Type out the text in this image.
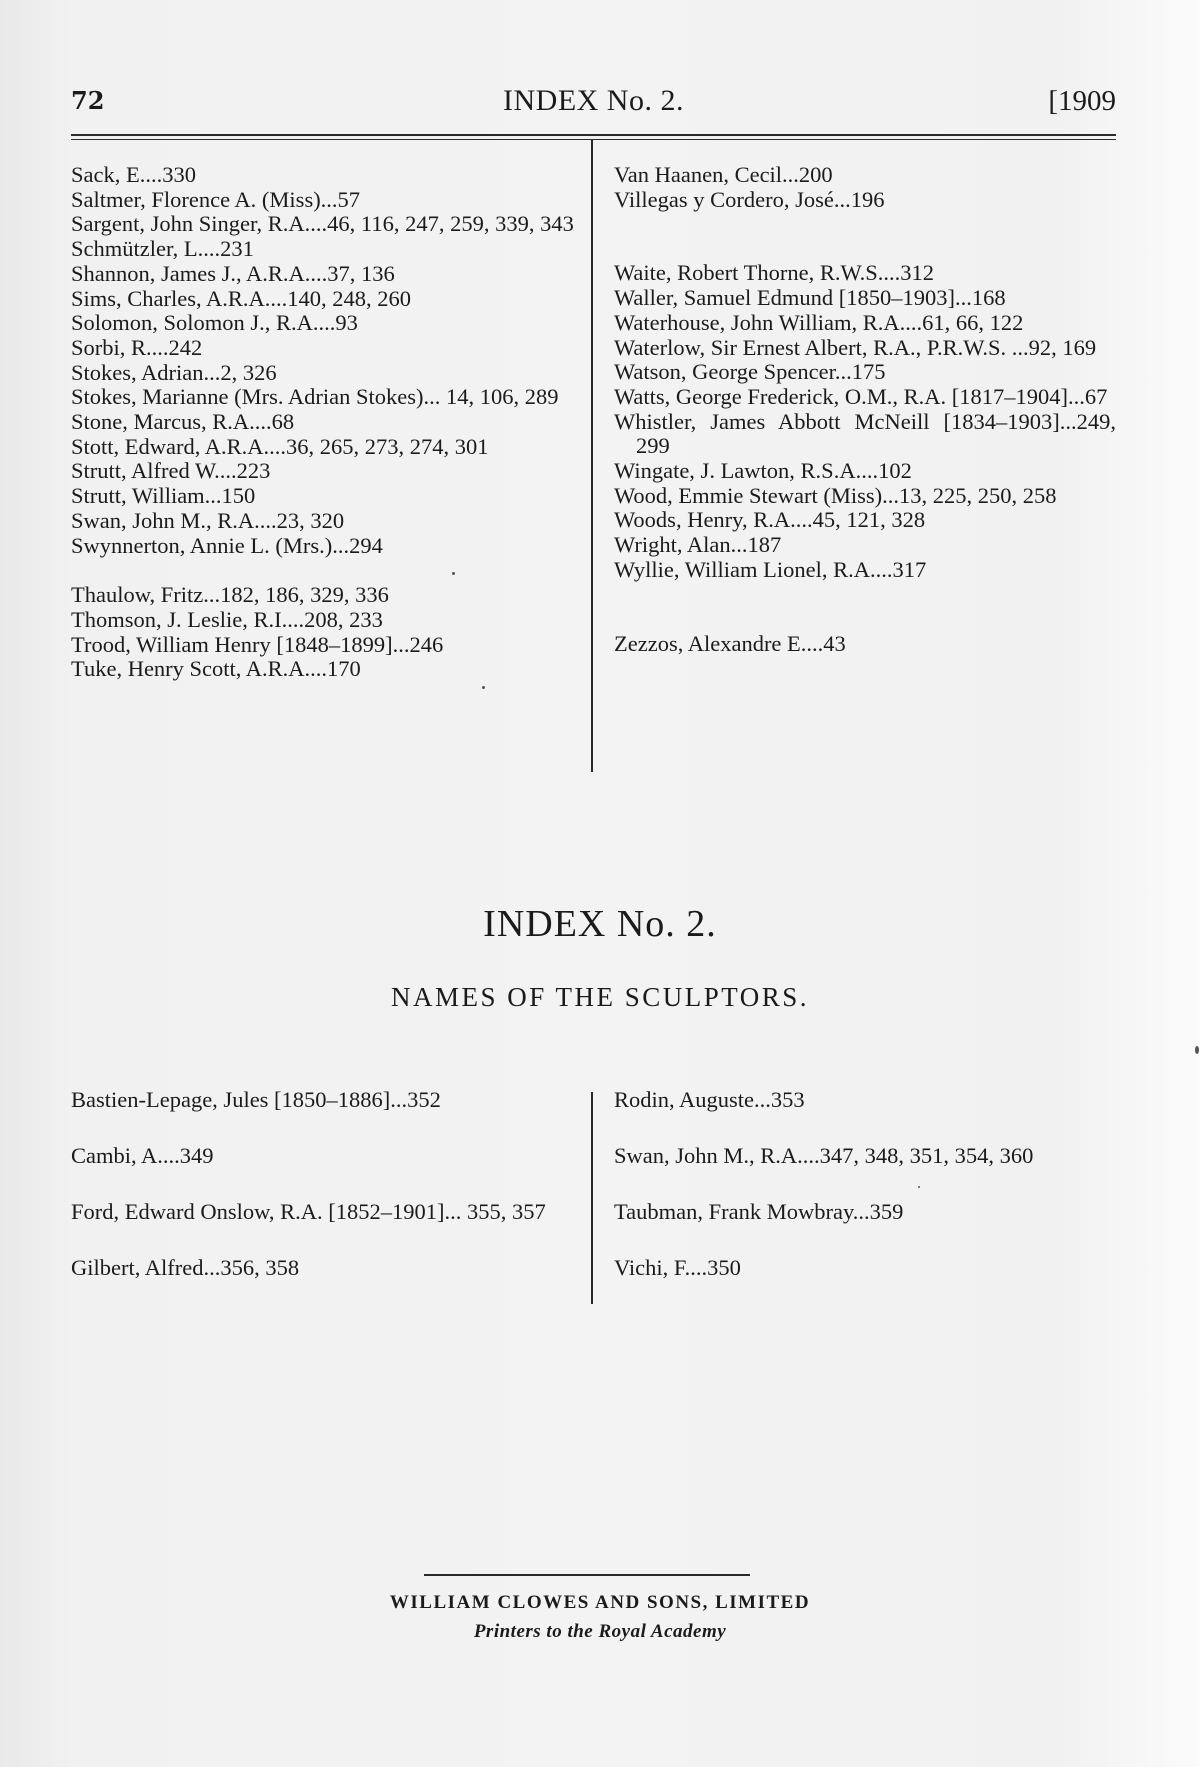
72	INDEX No. 2.	[1909

Sack, E....330

Saltmer, Florence A. (Miss)...57

Sargent, John Singer, R.A....46, 116, 247, 259, 339, 343

Schmützler, L....231

Shannon, James J., A.R.A....37, 136

Sims, Charles, A.R.A....140, 248, 260

Solomon, Solomon J., R.A....93

Sorbi, R....242

Stokes, Adrian...2, 326

Stokes, Marianne (Mrs. Adrian Stokes)... 14, 106, 289

Stone, Marcus, R.A....68

Stott, Edward, A.R.A....36, 265, 273, 274, 301

Strutt, Alfred W....223

Strutt, William...150

Swan, John M., R.A....23, 320

Swynnerton, Annie L. (Mrs.)...294

Thaulow, Fritz...182, 186, 329, 336

Thomson, J. Leslie, R.I....208, 233

Trood, William Henry [1848–1899]...246

Tuke, Henry Scott, A.R.A....170

Van Haanen, Cecil...200

Villegas y Cordero, José...196

Waite, Robert Thorne, R.W.S....312

Waller, Samuel Edmund [1850–1903]...168

Waterhouse, John William, R.A....61, 66, 122

Waterlow, Sir Ernest Albert, R.A., P.R.W.S. ...92, 169

Watson, George Spencer...175

Watts, George Frederick, O.M., R.A. [1817–1904]...67

Whistler, James Abbott McNeill [1834–1903]...249, 299

Wingate, J. Lawton, R.S.A....102

Wood, Emmie Stewart (Miss)...13, 225, 250, 258

Woods, Henry, R.A....45, 121, 328

Wright, Alan...187

Wyllie, William Lionel, R.A....317

Zezzos, Alexandre E....43

INDEX No. 2.
NAMES OF THE SCULPTORS.

Bastien-Lepage, Jules [1850–1886]...352

Cambi, A....349

Ford, Edward Onslow, R.A. [1852–1901]... 355, 357

Gilbert, Alfred...356, 358

Rodin, Auguste...353

Swan, John M., R.A....347, 348, 351, 354, 360

Taubman, Frank Mowbray...359

Vichi, F....350

WILLIAM CLOWES AND SONS, LIMITED
Printers to the Royal Academy
